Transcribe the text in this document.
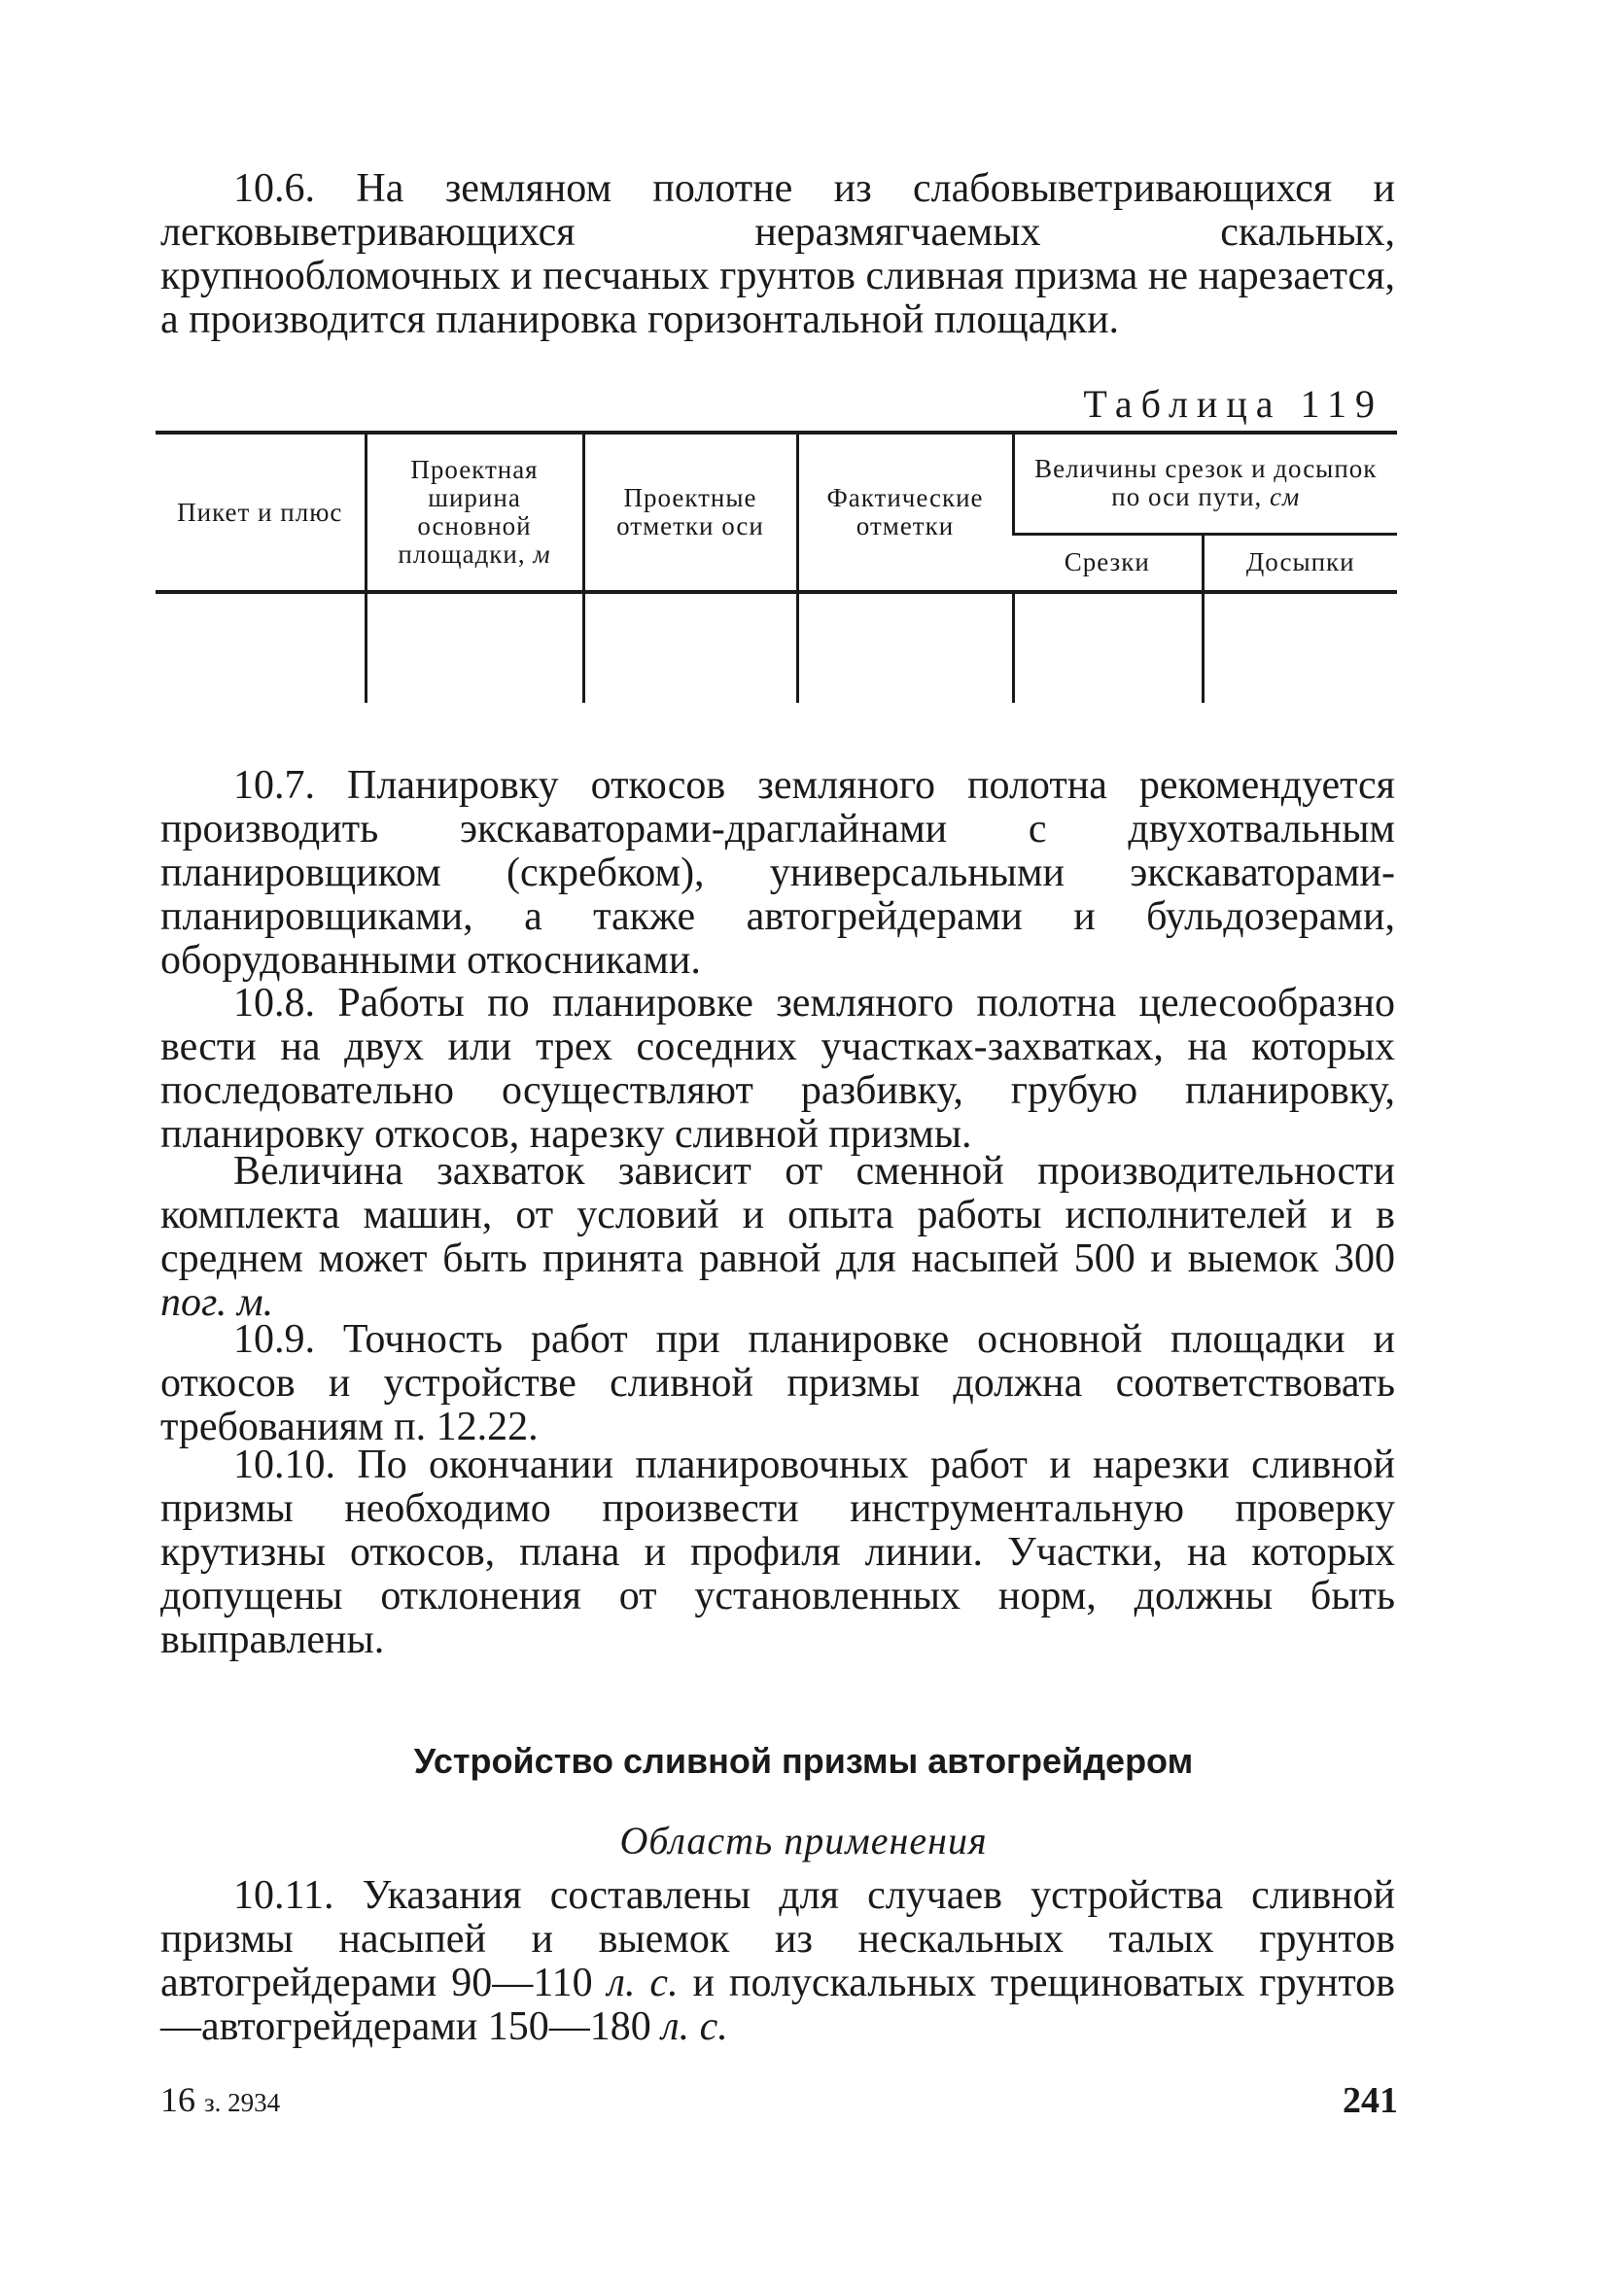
10.6. На земляном полотне из слабовыветривающихся и легковыветривающихся неразмягчаемых скальных, крупнообломочных и песчаных грунтов сливная призма не нарезается, а производится планировка горизонтальной площадки.

Таблица 119
Пикет и плюс	Проектная ширина основной площадки, м	Проектные отметки оси	Фактические отметки	Величины срезок и досыпок по оси пути, см	
				Срезки	Досыпки

10.7. Планировку откосов земляного полотна рекомендуется производить экскаваторами-драглайнами с двухотвальным планировщиком (скребком), универсальными экскаваторами-планировщиками, а также автогрейдерами и бульдозерами, оборудованными откосниками.

10.8. Работы по планировке земляного полотна целесообразно вести на двух или трех соседних участках-захватках, на которых последовательно осуществляют разбивку, грубую планировку, планировку откосов, нарезку сливной призмы.

Величина захваток зависит от сменной производительности комплекта машин, от условий и опыта работы исполнителей и в среднем может быть принята равной для насыпей 500 и выемок 300 пог. м.

10.9. Точность работ при планировке основной площадки и откосов и устройстве сливной призмы должна соответствовать требованиям п. 12.22.

10.10. По окончании планировочных работ и нарезки сливной призмы необходимо произвести инструментальную проверку крутизны откосов, плана и профиля линии. Участки, на которых допущены отклонения от установленных норм, должны быть выправлены.

Устройство сливной призмы автогрейдером
Область применения

10.11. Указания составлены для случаев устройства сливной призмы насыпей и выемок из нескальных талых грунтов автогрейдерами 90—110 л. с. и полускальных трещиноватых грунтов—автогрейдерами 150—180 л. с.

16 з. 2934	241
